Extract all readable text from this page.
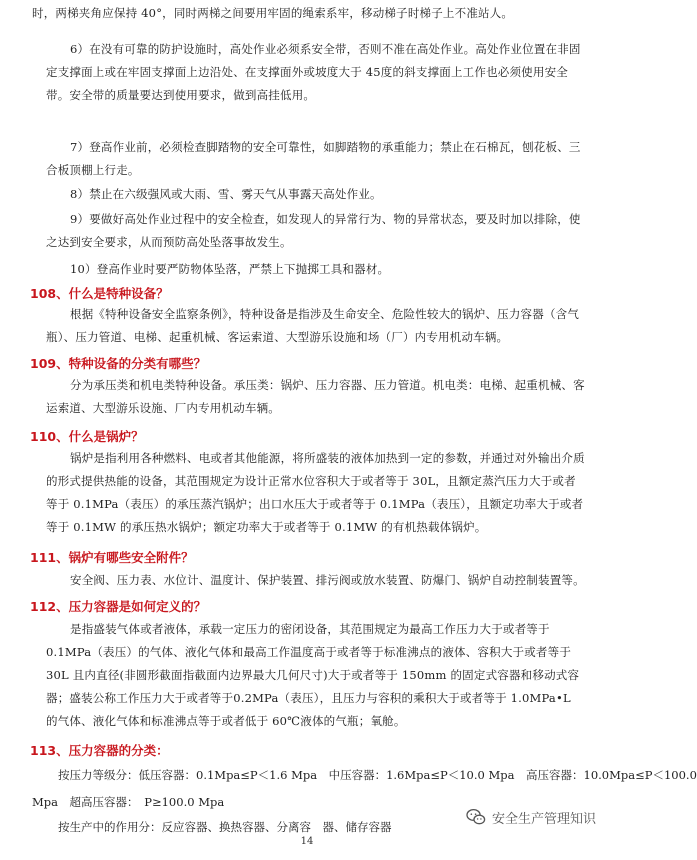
时，两梯夹角应保持 40°，同时两梯之间要用牢固的绳索系牢，移动梯子时梯子上不准站人。
6）在没有可靠的防护设施时，高处作业必须系安全带，否则不准在高处作业。高处作业位置在非固定支撑面上或在牢固支撑面上边沿处、在支撑面外或坡度大于 45度的斜支撑面上工作也必须使用安全带。安全带的质量要达到使用要求，做到高挂低用。
7）登高作业前，必须检查脚踏物的安全可靠性，如脚踏物的承重能力；禁止在石棉瓦，刨花板、三合板顶棚上行走。
8）禁止在六级强风或大雨、雪、雾天气从事露天高处作业。
9）要做好高处作业过程中的安全检查，如发现人的异常行为、物的异常状态，要及时加以排除，使之达到安全要求，从而预防高处坠落事故发生。
10）登高作业时要严防物体坠落，严禁上下抛掷工具和器材。
108、什么是特种设备？
根据《特种设备安全监察条例》，特种设备是指涉及生命安全、危险性较大的锅炉、压力容器（含气瓶）、压力管道、电梯、起重机械、客运索道、大型游乐设施和场（厂）内专用机动车辆。
109、特种设备的分类有哪些？
分为承压类和机电类特种设备。承压类：锅炉、压力容器、压力管道。机电类：电梯、起重机械、客运索道、大型游乐设施、厂内专用机动车辆。
110、什么是锅炉？
锅炉是指利用各种燃料、电或者其他能源，将所盛装的液体加热到一定的参数，并通过对外输出介质的形式提供热能的设备，其范围规定为设计正常水位容积大于或者等于 30L，且额定蒸汽压力大于或者等于 0.1MPa（表压）的承压蒸汽锅炉；出口水压大于或者等于 0.1MPa（表压），且额定功率大于或者等于 0.1MW 的承压热水锅炉；额定功率大于或者等于 0.1MW 的有机热载体锅炉。
111、锅炉有哪些安全附件？
安全阀、压力表、水位计、温度计、保护装置、排污阀或放水装置、防爆门、锅炉自动控制装置等。
112、压力容器是如何定义的？
是指盛装气体或者液体，承载一定压力的密闭设备，其范围规定为最高工作压力大于或者等于 0.1MPa（表压）的气体、液化气体和最高工作温度高于或者等于标准沸点的液体、容积大于或者等于 30L 且内直径(非圆形截面指截面内边界最大几何尺寸)大于或者等于 150mm 的固定式容器和移动式容器；盛装公称工作压力大于或者等于0.2MPa（表压），且压力与容积的乘积大于或者等于 1.0MPa•L 的气体、液化气体和标准沸点等于或者低于 60℃液体的气瓶；氧舱。
113、压力容器的分类：
按压力等级分：低压容器：0.1Mpa≤P＜1.6 Mpa　中压容器：1.6Mpa≤P＜10.0 Mpa　高压容器：10.0Mpa≤P＜100.0
Mpa　超高压容器：　P≥100.0 Mpa
按生产中的作用分：反应容器、换热容器、分离容　器、储存容器
安全生产管理知识
14
